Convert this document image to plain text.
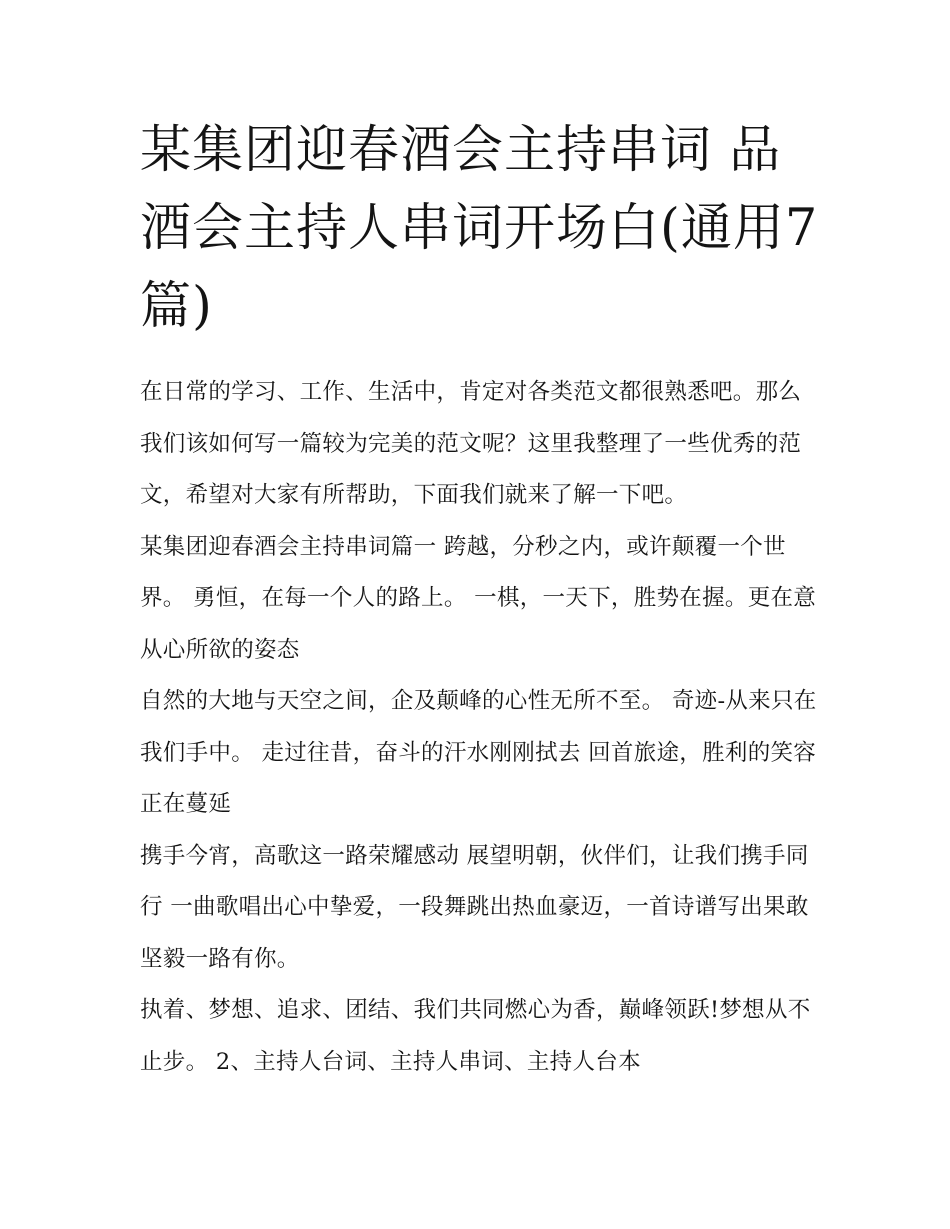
某集团迎春酒会主持串词 品酒会主持人串词开场白(通用7篇)

在日常的学习、工作、生活中，肯定对各类范文都很熟悉吧。那么我们该如何写一篇较为完美的范文呢？这里我整理了一些优秀的范文，希望对大家有所帮助，下面我们就来了解一下吧。

某集团迎春酒会主持串词篇一 跨越，分秒之内，或许颠覆一个世界。 勇恒，在每一个人的路上。 一棋，一天下，胜势在握。更在意从心所欲的姿态

自然的大地与天空之间，企及颠峰的心性无所不至。 奇迹-从来只在我们手中。 走过往昔，奋斗的汗水刚刚拭去 回首旅途，胜利的笑容正在蔓延

携手今宵，高歌这一路荣耀感动 展望明朝，伙伴们，让我们携手同行 一曲歌唱出心中挚爱，一段舞跳出热血豪迈，一首诗谱写出果敢坚毅一路有你。

执着、梦想、追求、团结、我们共同燃心为香，巅峰领跃!梦想从不止步。 2、主持人台词、主持人串词、主持人台本
